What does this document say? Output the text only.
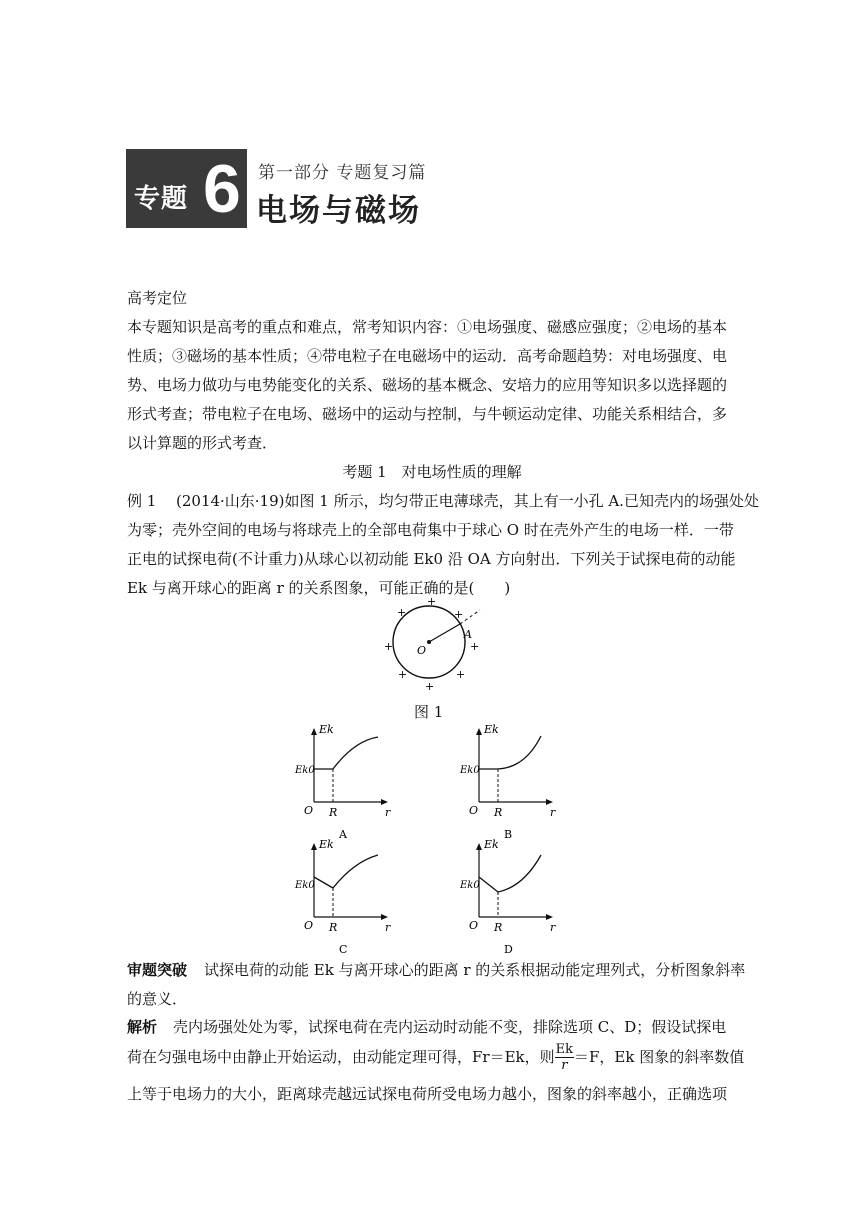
专题 6 第一部分 专题复习篇
电场与磁场
高考定位
本专题知识是高考的重点和难点，常考知识内容：①电场强度、磁感应强度；②电场的基本
性质；③磁场的基本性质；④带电粒子在电磁场中的运动．高考命题趋势：对电场强度、电
势、电场力做功与电势能变化的关系、磁场的基本概念、安培力的应用等知识多以选择题的
形式考查；带电粒子在电场、磁场中的运动与控制，与牛顿运动定律、功能关系相结合，多
以计算题的形式考查．
考题 1　对电场性质的理解
例 1 (2014·山东·19)如图 1 所示，均匀带正电薄球壳，其上有一小孔 A.已知壳内的场强处处
为零；壳外空间的电场与将球壳上的全部电荷集中于球心 O 时在壳外产生的电场一样．一带
正电的试探电荷(不计重力)从球心以初动能 Ek0 沿 OA 方向射出．下列关于试探电荷的动能
Ek 与离开球心的距离 r 的关系图象，可能正确的是(　　)
+
+	+
+	+
+	+
+
O
A
图 1
Ek
Ek0
O R	r
A
Ek
Ek0
O R	r
B
Ek
Ek0
O R	r
C
Ek
Ek0
O R	r
D
审题突破 试探电荷的动能 Ek 与离开球心的距离 r 的关系根据动能定理列式，分析图象斜率
的意义．
解析 壳内场强处处为零，试探电荷在壳内运动时动能不变，排除选项 C、D；假设试探电
荷在匀强电场中由静止开始运动，由动能定理可得，Fr＝Ek，则 $\frac{Ek}{r} =F$，Ek 图象的斜率数值
上等于电场力的大小，距离球壳越远试探电荷所受电场力越小，图象的斜率越小，正确选项
